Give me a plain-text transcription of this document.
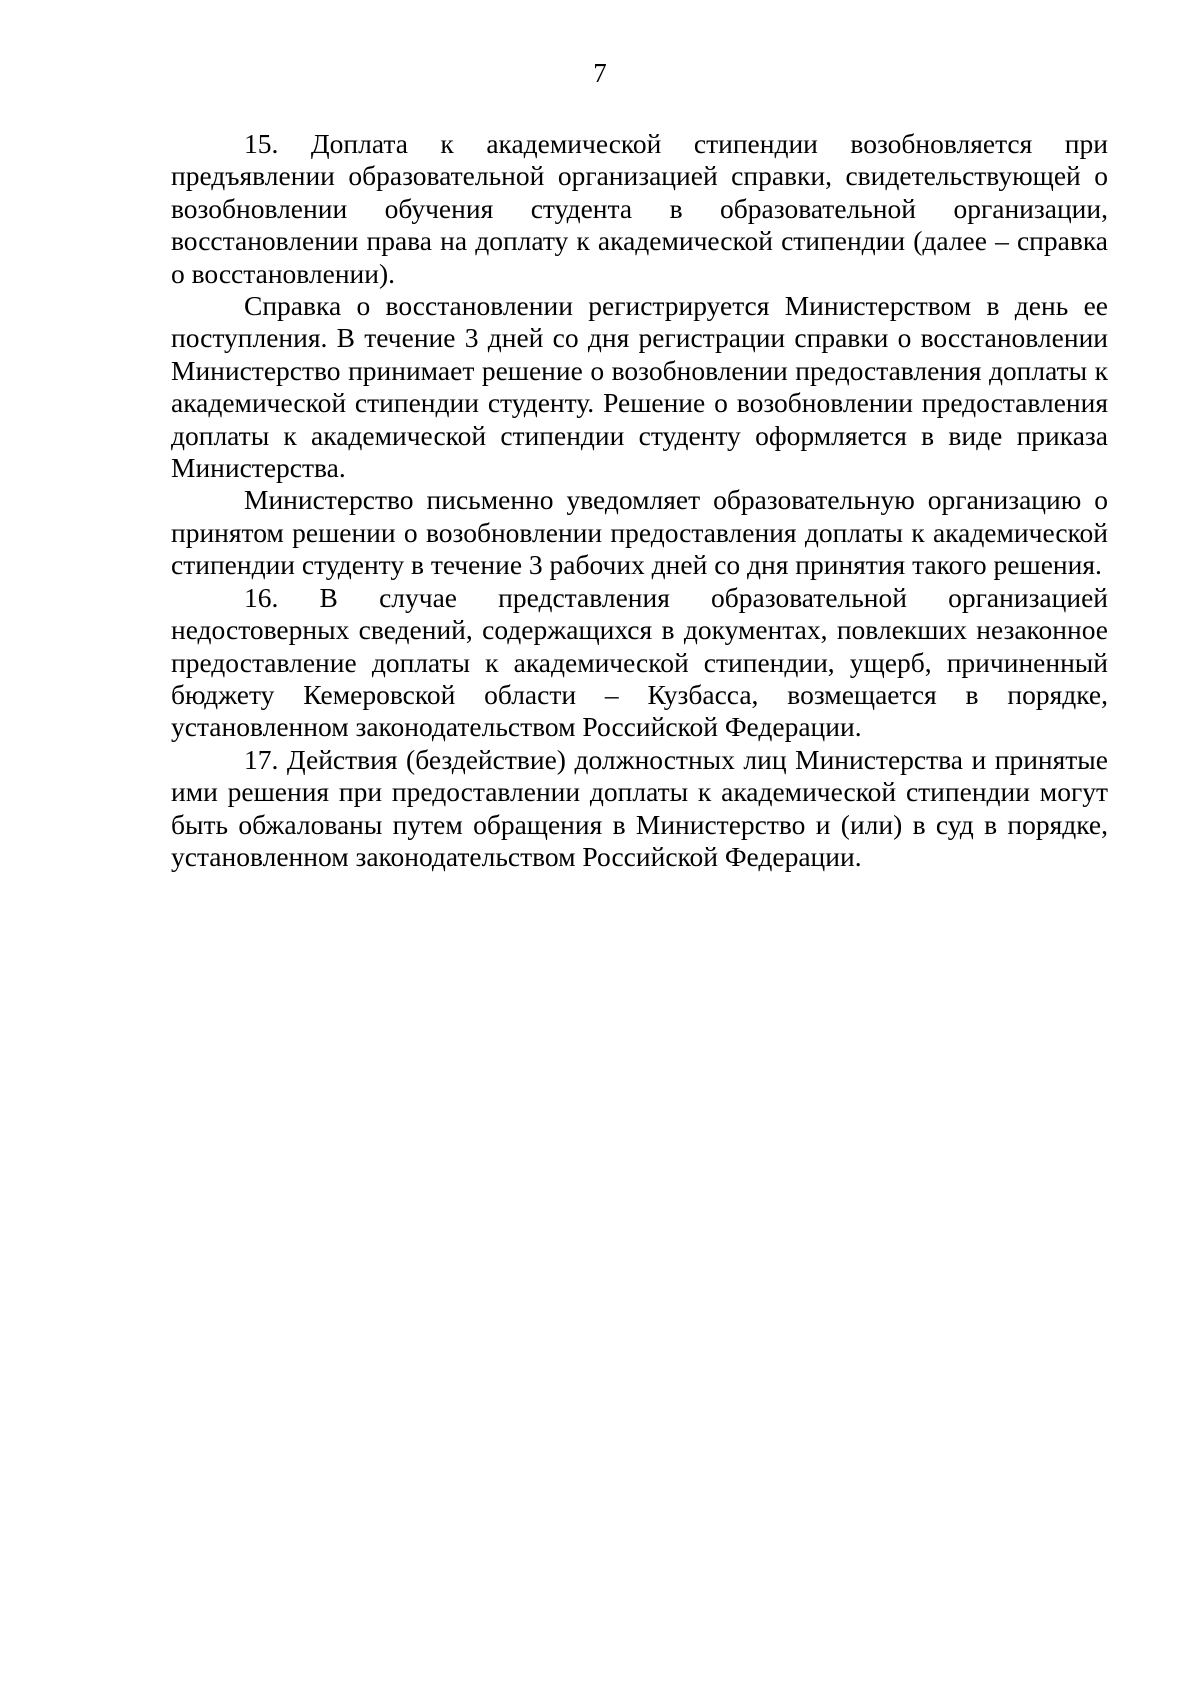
7

15. Доплата к академической стипендии возобновляется при предъявлении образовательной организацией справки, свидетельствующей о возобновлении обучения студента в образовательной организации, восстановлении права на доплату к академической стипендии (далее – справка о восстановлении).

Справка о восстановлении регистрируется Министерством в день ее поступления. В течение 3 дней со дня регистрации справки о восстановлении Министерство принимает решение о возобновлении предоставления доплаты к академической стипендии студенту. Решение о возобновлении предоставления доплаты к академической стипендии студенту оформляется в виде приказа Министерства.

Министерство письменно уведомляет образовательную организацию о принятом решении о возобновлении предоставления доплаты к академической стипендии студенту в течение 3 рабочих дней со дня принятия такого решения.

16. В случае представления образовательной организацией недостоверных сведений, содержащихся в документах, повлекших незаконное предоставление доплаты к академической стипендии, ущерб, причиненный бюджету Кемеровской области – Кузбасса, возмещается в порядке, установленном законодательством Российской Федерации.

17. Действия (бездействие) должностных лиц Министерства и принятые ими решения при предоставлении доплаты к академической стипендии могут быть обжалованы путем обращения в Министерство и (или) в суд в порядке, установленном законодательством Российской Федерации.
